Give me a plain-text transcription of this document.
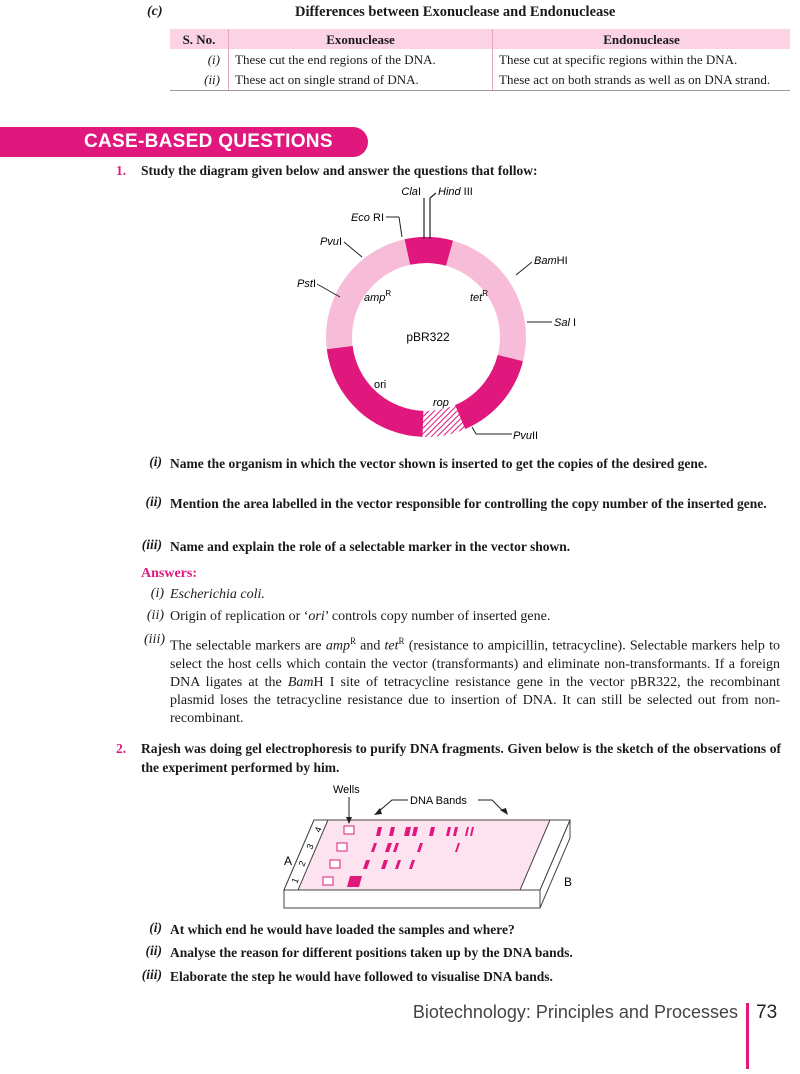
(c)	Differences between Exonuclease and Endonuclease
S. No.	Exonuclease	Endonuclease
(i)	These cut the end regions of the DNA.	These cut at specific regions within the DNA.
(ii)	These act on single strand of DNA.	These act on both strands as well as on DNA strand.
CASE-BASED QUESTIONS
1. Study the diagram given below and answer the questions that follow:
ClaI Hind III
Eco RI
PvuI
PstI
BamHI
Sal I
PvuII
amp$^R$	tet$^R$
pBR322
ori
rop
(i) Name the organism in which the vector shown is inserted to get the copies of the desired gene.
(ii) Mention the area labelled in the vector responsible for controlling the copy number of the inserted gene.
(iii) Name and explain the role of a selectable marker in the vector shown.
Answers:
(i) Escherichia coli.
(ii) Origin of replication or ‘ori’ controls copy number of inserted gene.
(iii) The selectable markers are amp$^R$ and tet$^R$ (resistance to ampicillin, tetracycline). Selectable markers help to select the host cells which contain the vector (transformants) and eliminate non-transformants. If a foreign DNA ligates at the BamH I site of tetracycline resistance gene in the vector pBR322, the recombinant plasmid loses the tetracycline resistance due to insertion of DNA. It can still be selected out from non-recombinant.
2. Rajesh was doing gel electrophoresis to purify DNA fragments. Given below is the sketch of the observations of the experiment performed by him.
1
2
3
4
Wells
DNA Bands
A
B
(i) At which end he would have loaded the samples and where?
(ii) Analyse the reason for different positions taken up by the DNA bands.
(iii) Elaborate the step he would have followed to visualise DNA bands.
Biotechnology: Principles and Processes 73
